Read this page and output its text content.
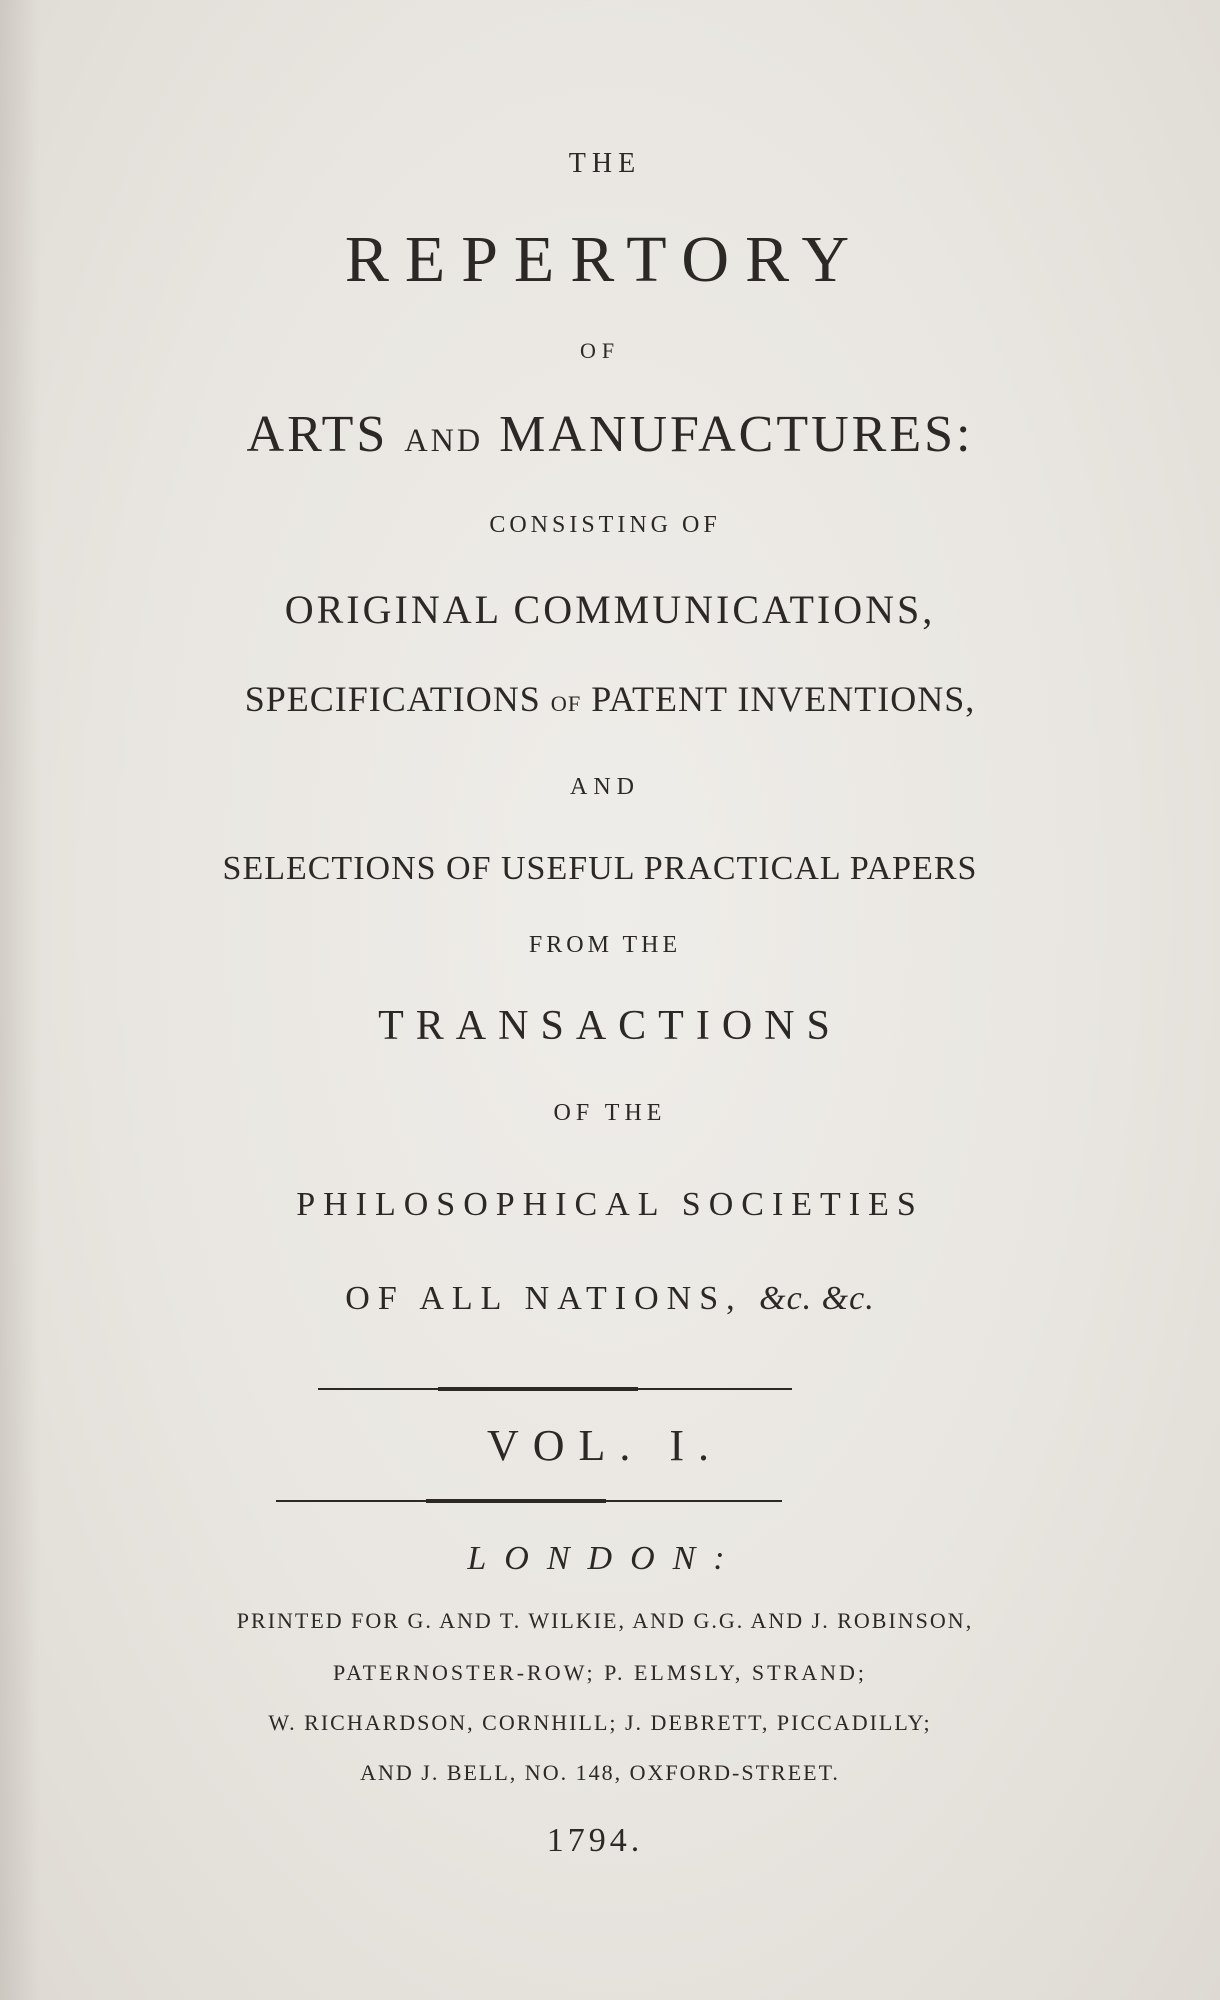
THE
REPERTORY
OF
ARTS AND MANUFACTURES:
CONSISTING OF
ORIGINAL COMMUNICATIONS,
SPECIFICATIONS OF PATENT INVENTIONS,
AND
SELECTIONS OF USEFUL PRACTICAL PAPERS
FROM THE
TRANSACTIONS
OF THE
PHILOSOPHICAL SOCIETIES
OF ALL NATIONS, &c. &c.
VOL. I.
LONDON:
PRINTED FOR G. AND T. WILKIE, AND G.G. AND J. ROBINSON,
PATERNOSTER-ROW; P. ELMSLY, STRAND;
W. RICHARDSON, CORNHILL; J. DEBRETT, PICCADILLY;
AND J. BELL, NO. 148, OXFORD-STREET.
1794.
